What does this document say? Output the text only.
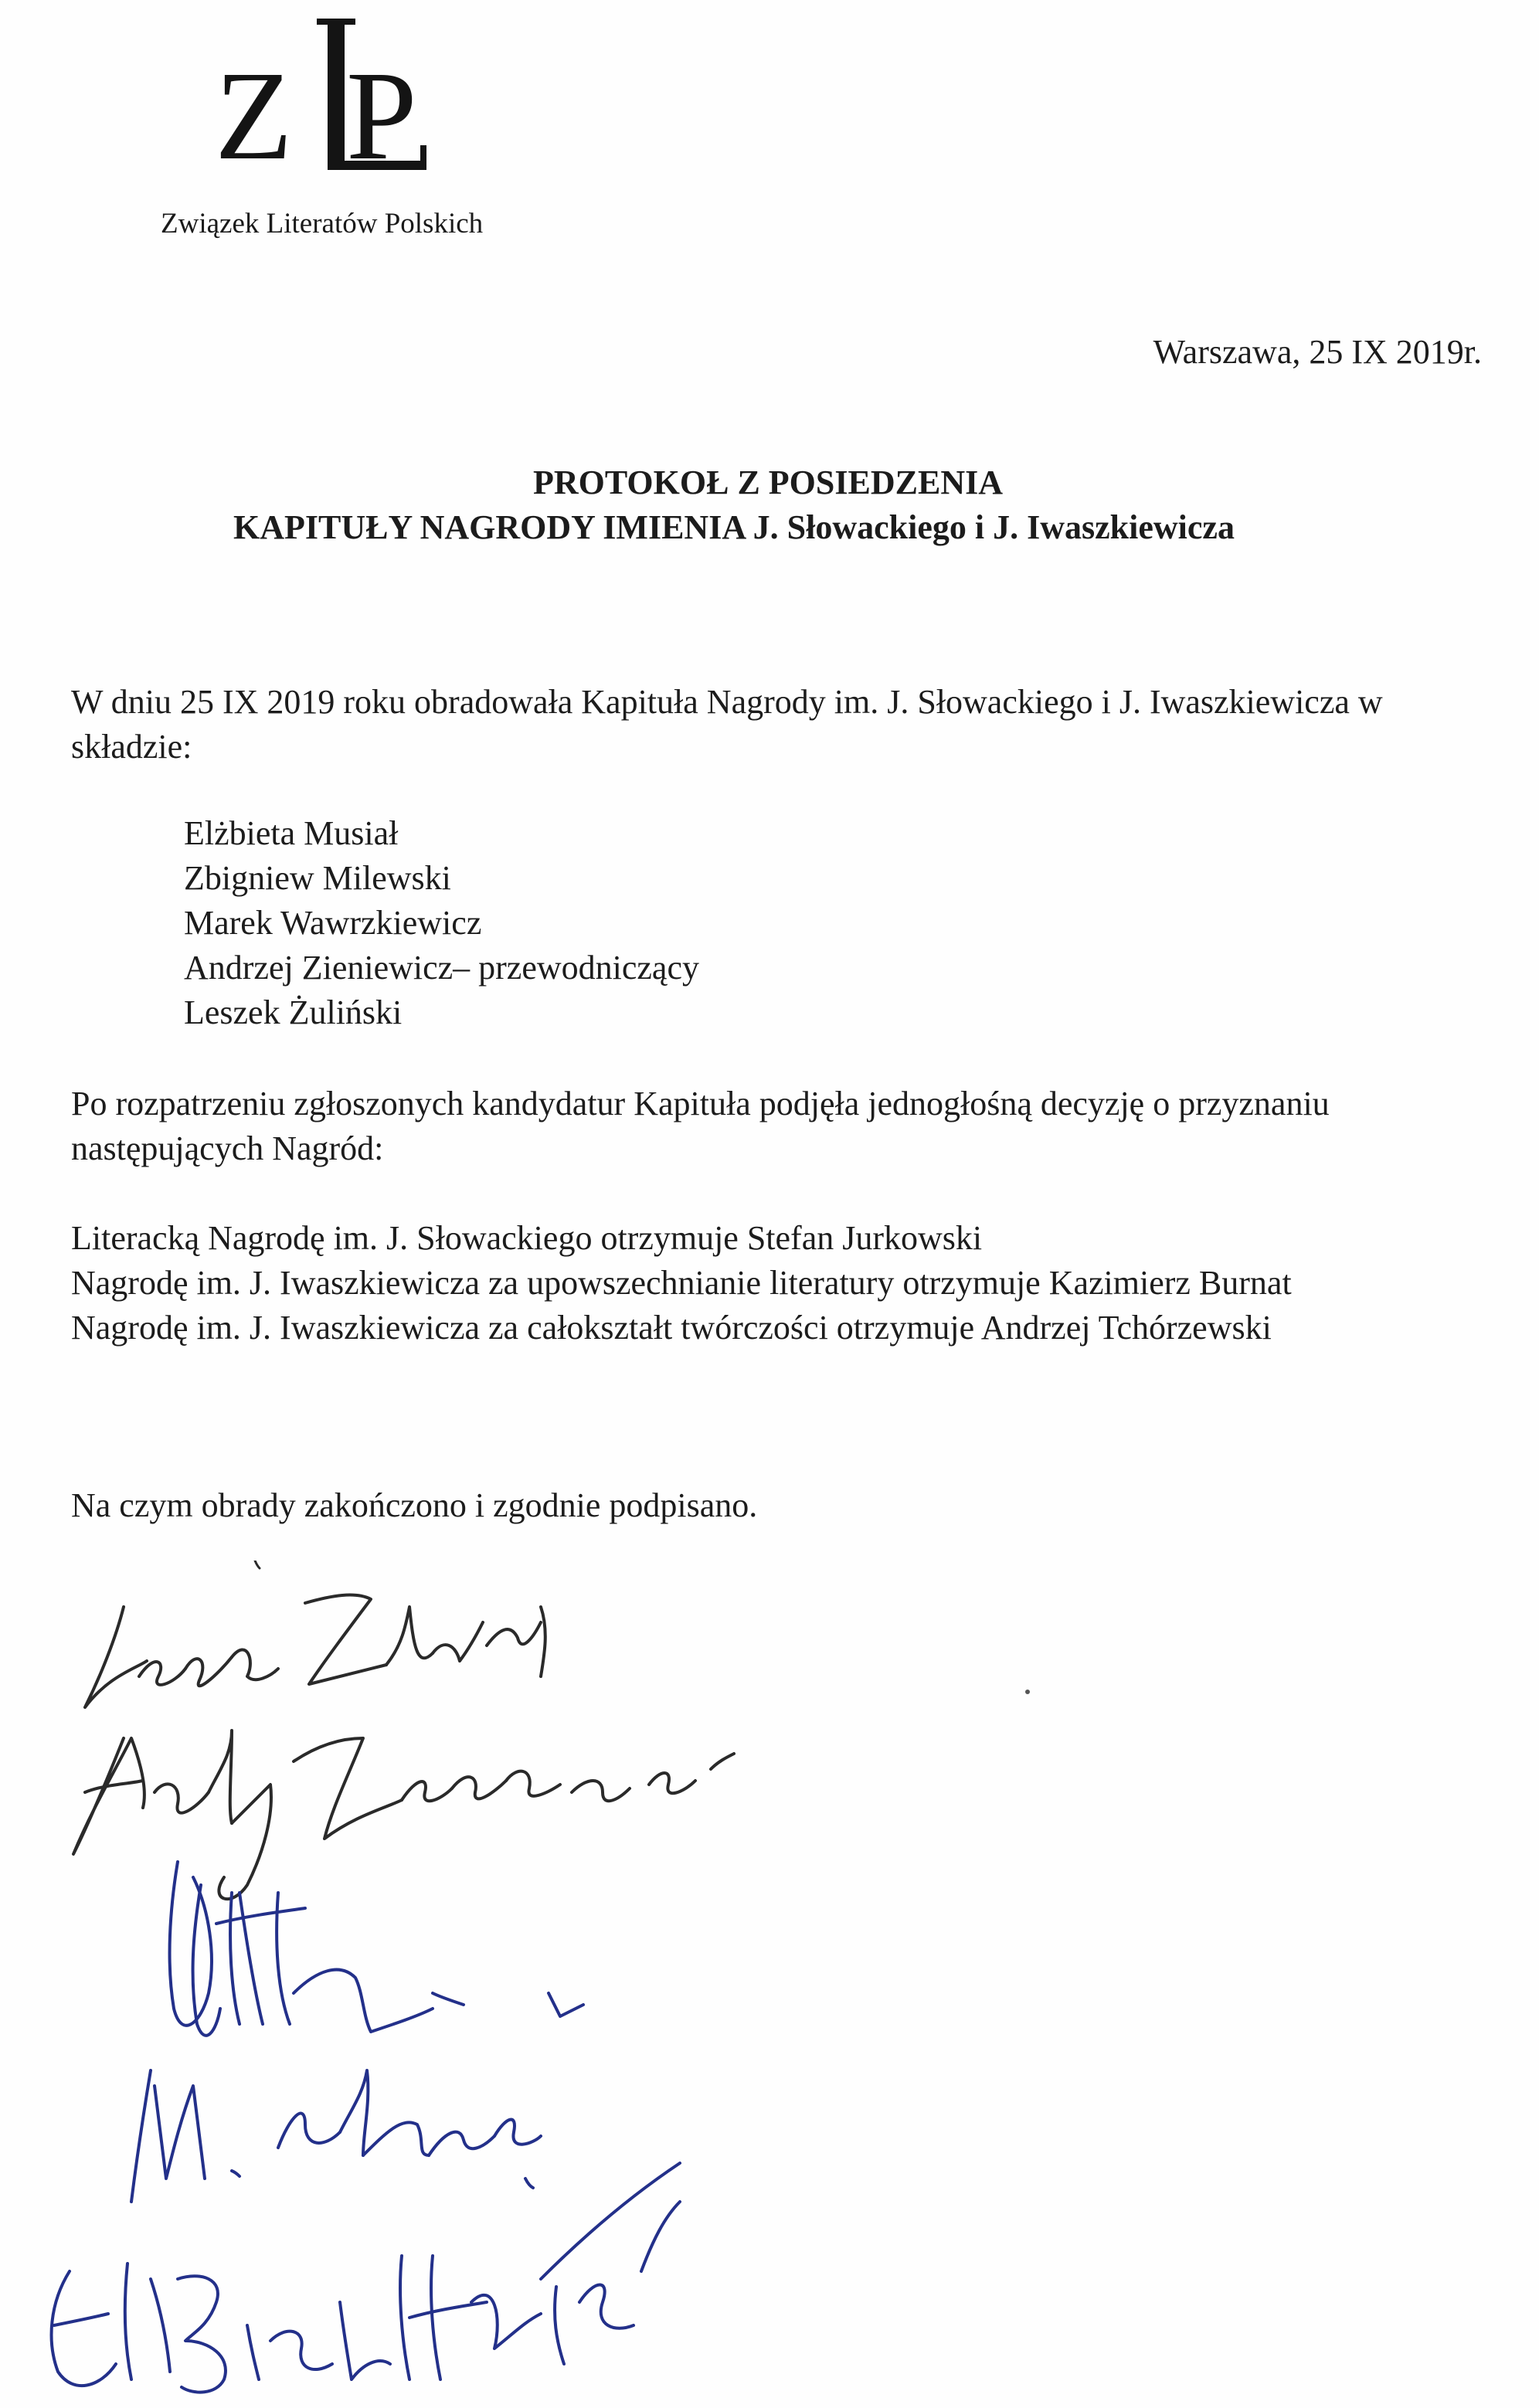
Z P
Związek Literatów Polskich
Warszawa, 25 IX 2019r.
PROTOKOŁ Z POSIEDZENIA
KAPITUŁY NAGRODY IMIENIA J. Słowackiego i J. Iwaszkiewicza
W dniu 25 IX 2019 roku obradowała Kapituła Nagrody im. J. Słowackiego i J. Iwaszkiewicza w
składzie:
Elżbieta Musiał
Zbigniew Milewski
Marek Wawrzkiewicz
Andrzej Zieniewicz– przewodniczący
Leszek Żuliński
Po rozpatrzeniu zgłoszonych kandydatur Kapituła podjęła jednogłośną decyzję o przyznaniu
następujących Nagród:
Literacką Nagrodę im. J. Słowackiego otrzymuje Stefan Jurkowski
Nagrodę im. J. Iwaszkiewicza za upowszechnianie literatury otrzymuje Kazimierz Burnat
Nagrodę im. J. Iwaszkiewicza za całokształt twórczości otrzymuje Andrzej Tchórzewski
Na czym obrady zakończono i zgodnie podpisano.
